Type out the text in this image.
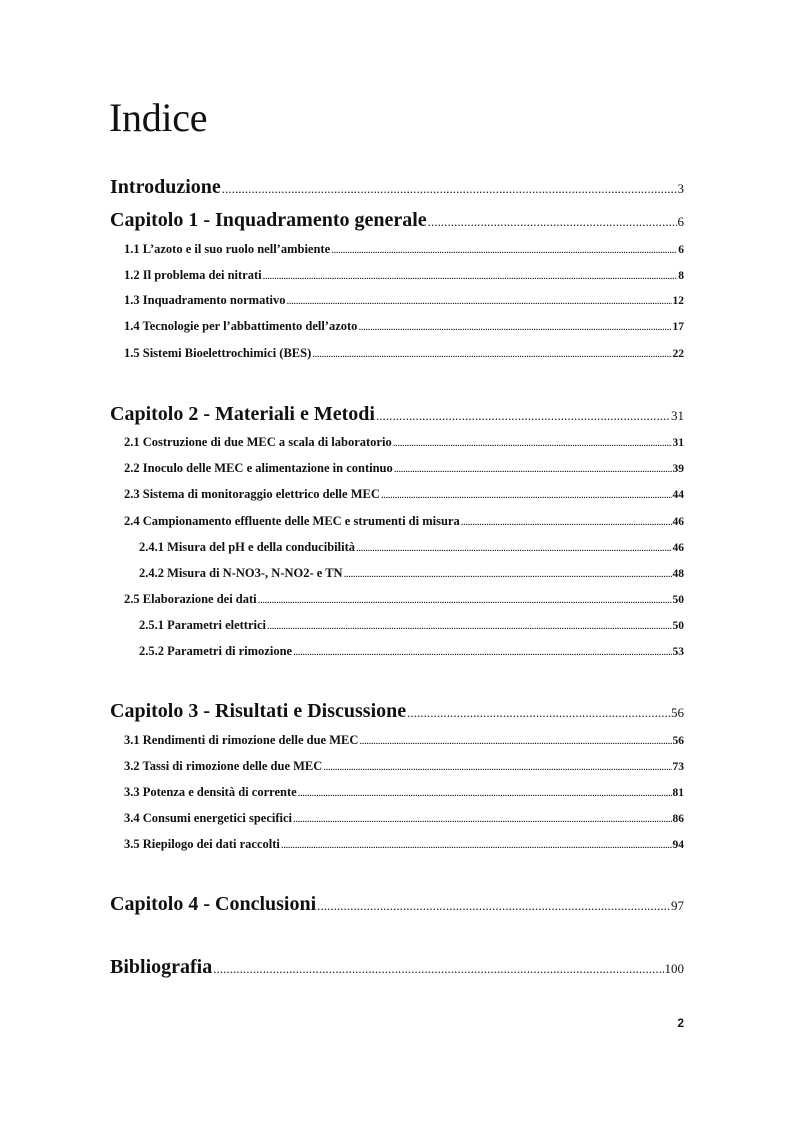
Indice
Introduzione . . .	3
Capitolo 1 - Inquadramento generale . . .	6
1.1 L’azoto e il suo ruolo nell’ambiente . . .	6
1.2 Il problema dei nitrati . . .	8
1.3 Inquadramento normativo . . .	12
1.4 Tecnologie per l’abbattimento dell’azoto . . .	17
1.5 Sistemi Bioelettrochimici (BES) . . .	22
Capitolo 2 - Materiali e Metodi . . .	31
2.1 Costruzione di due MEC a scala di laboratorio . . .	31
2.2 Inoculo delle MEC e alimentazione in continuo . . .	39
2.3 Sistema di monitoraggio elettrico delle MEC . . .	44
2.4 Campionamento effluente delle MEC e strumenti di misura . . .	46
2.4.1 Misura del pH e della conducibilità . . .	46
2.4.2 Misura di N-NO3-, N-NO2- e TN . . .	48
2.5 Elaborazione dei dati . . .	50
2.5.1 Parametri elettrici . . .	50
2.5.2 Parametri di rimozione . . .	53
Capitolo 3 - Risultati e Discussione . . .	56
3.1 Rendimenti di rimozione delle due MEC . . .	56
3.2 Tassi di rimozione delle due MEC . . .	73
3.3 Potenza e densità di corrente . . .	81
3.4 Consumi energetici specifici . . .	86
3.5 Riepilogo dei dati raccolti . . .	94
Capitolo 4 - Conclusioni . . .	97
Bibliografia . . .	100
2
